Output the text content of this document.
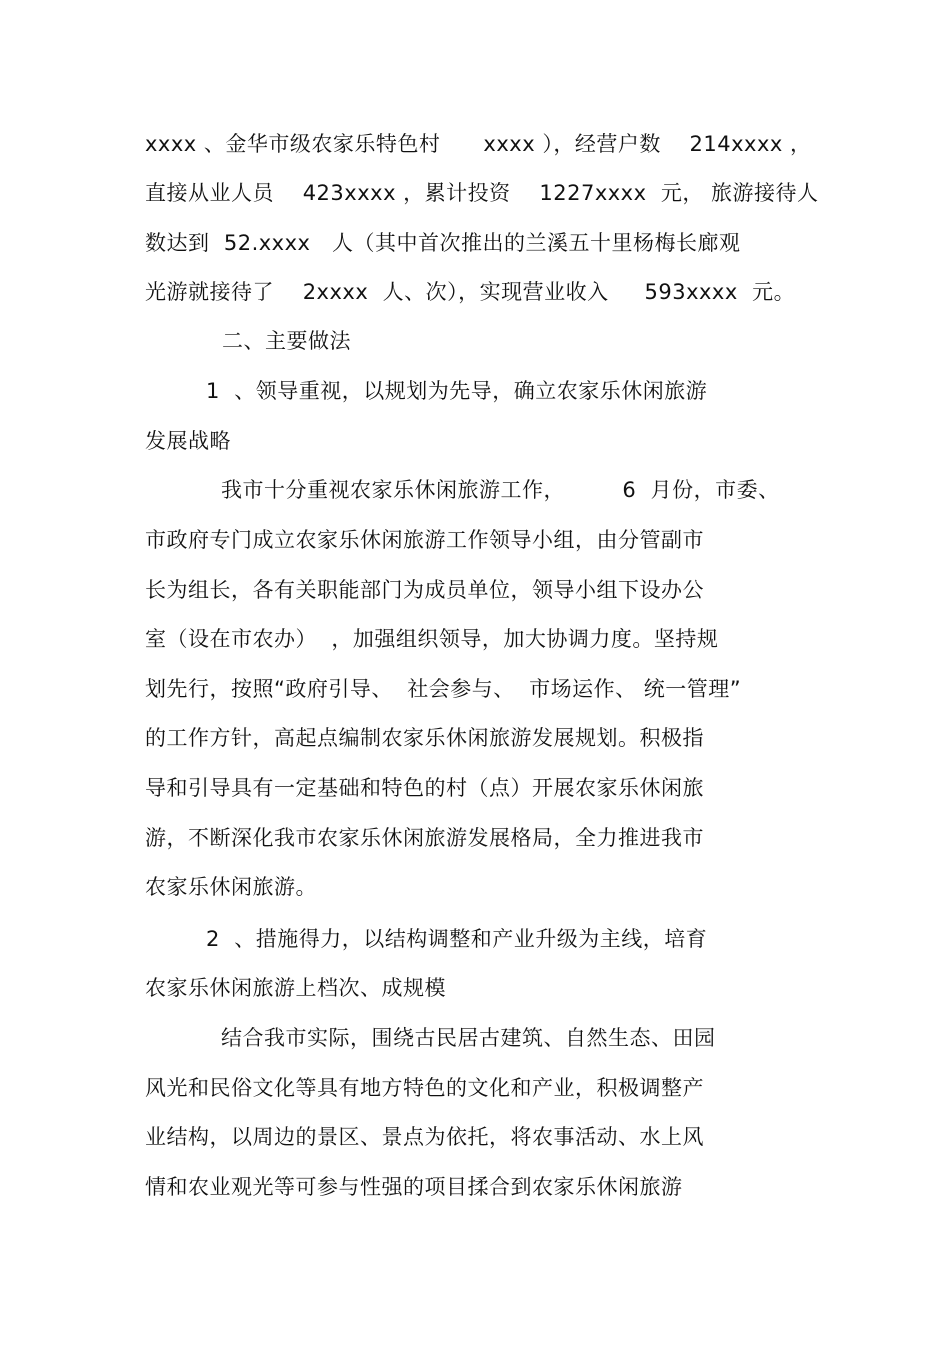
xxxx 、金华市级农家乐特色村      xxxx ），经营户数    214xxxx ，
直接从业人员    423xxxx ，累计投资    1227xxxx  元， 旅游接待人
数达到  52.xxxx   人（其中首次推出的兰溪五十里杨梅长廊观
光游就接待了    2xxxx  人、次），实现营业收入     593xxxx  元。
二、主要做法
1  、领导重视，以规划为先导，确立农家乐休闲旅游
发展战略
我市十分重视农家乐休闲旅游工作，        6  月份，市委、
市政府专门成立农家乐休闲旅游工作领导小组，由分管副市
长为组长，各有关职能部门为成员单位，领导小组下设办公
室（设在市农办）  ，加强组织领导，加大协调力度。坚持规
划先行，按照“政府引导、  社会参与、  市场运作、 统一管理”
的工作方针，高起点编制农家乐休闲旅游发展规划。积极指
导和引导具有一定基础和特色的村（点）开展农家乐休闲旅
游，不断深化我市农家乐休闲旅游发展格局，全力推进我市
农家乐休闲旅游。
2  、措施得力，以结构调整和产业升级为主线，培育
农家乐休闲旅游上档次、成规模
结合我市实际，围绕古民居古建筑、自然生态、田园
风光和民俗文化等具有地方特色的文化和产业，积极调整产
业结构，以周边的景区、景点为依托，将农事活动、水上风
情和农业观光等可参与性强的项目揉合到农家乐休闲旅游
